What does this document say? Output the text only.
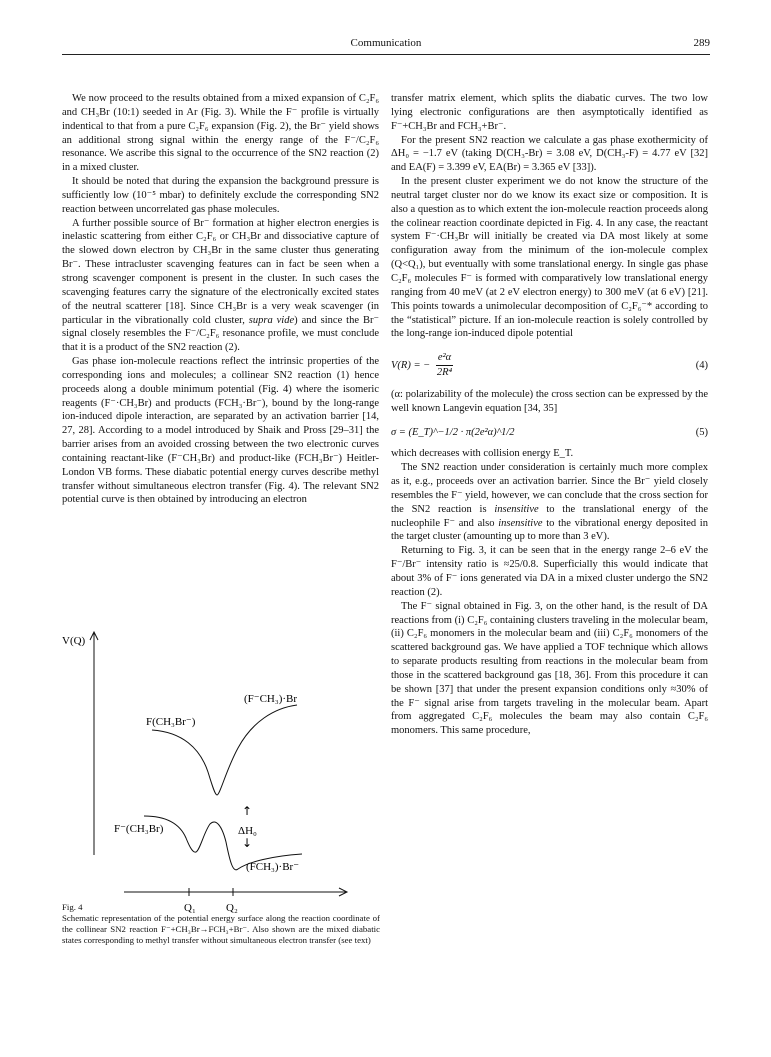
Communication	289

We now proceed to the results obtained from a mixed expansion of C₂F₆ and CH₃Br (10:1) seeded in Ar (Fig. 3). While the F⁻ profile is virtually indentical to that from a pure C₂F₆ expansion (Fig. 2), the Br⁻ yield shows an additional strong signal within the energy range of the F⁻/C₂F₆ resonance. We ascribe this signal to the occurrence of the SN2 reaction (2) in a mixed cluster.

It should be noted that during the expansion the background pressure is sufficiently low (10⁻⁵ mbar) to definitely exclude the corresponding SN2 reaction between uncorrelated gas phase molecules.

A further possible source of Br⁻ formation at higher electron energies is inelastic scattering from either C₂F₆ or CH₃Br and dissociative capture of the slowed down electron by CH₃Br in the same cluster thus generating Br⁻. These intracluster scavenging features can in fact be seen when a strong scavenger component is present in the cluster. In such cases the scavenging features carry the signature of the electronically excited states of the neutral scatterer [18]. Since CH₃Br is a very weak scavenger (in particular in the vibrationally cold cluster, supra vide) and since the Br⁻ signal closely resembles the F⁻/C₂F₆ resonance profile, we must conclude that it is a product of the SN2 reaction (2).

Gas phase ion-molecule reactions reflect the intrinsic properties of the corresponding ions and molecules; a collinear SN2 reaction (1) hence proceeds along a double minimum potential (Fig. 4) where the isomeric reagents (F⁻·CH₃Br) and products (FCH₃·Br⁻), bound by the long-range ion-induced dipole interaction, are separated by an activation barrier [14, 27, 28]. According to a model introduced by Shaik and Pross [29–31] the barrier arises from an avoided crossing between the two electronic curves containing reactant-like (F⁻CH₃Br) and product-like (FCH₃Br⁻) Heitler-London VB forms. These diabatic potential energy curves describe methyl transfer without simultaneous electron transfer (Fig. 4). The relevant SN2 potential curve is then obtained by introducing an electron

V(Q)
Q₁	Q₂
F(CH₃Br⁻)
(F⁻CH₃)·Br
F⁻(CH₃Br)
(FCH₃)·Br⁻
↑
ΔH₀
↓
Fig. 4
Schematic representation of the potential energy surface along the reaction coordinate of the collinear SN2 reaction F⁻+CH₃Br→FCH₃+Br⁻. Also shown are the mixed diabatic states corresponding to methyl transfer without simultaneous electron transfer (see text)

transfer matrix element, which splits the diabatic curves. The two low lying electronic configurations are then asymptotically identified as F⁻+CH₃Br and FCH₃+Br⁻.

For the present SN2 reaction we calculate a gas phase exothermicity of ΔH₀ = −1.7 eV (taking D(CH₃-Br) = 3.08 eV, D(CH₃-F) = 4.77 eV [32] and EA(F) = 3.399 eV, EA(Br) = 3.365 eV [33]).

In the present cluster experiment we do not know the structure of the neutral target cluster nor do we know its exact size or composition. It is also a question as to which extent the ion-molecule reaction proceeds along the colinear reaction coordinate depicted in Fig. 4. In any case, the reactant system F⁻·CH₃Br will initially be created via DA most likely at some configuration away from the minimum of the ion-molecule complex (Q<Q₁), but eventually with some translational energy. In single gas phase C₂F₆ molecules F⁻ is formed with comparatively low translational energy ranging from 40 meV (at 2 eV electron energy) to 300 meV (at 6 eV) [21]. This points towards a unimolecular decomposition of C₂F₆⁻* according to the “statistical” picture. If an ion-molecule reaction is solely controlled by the long-range ion-induced dipole potential

V(R) = − $\frac{\text{e²α}}{\text{2R⁴}}$	(4)

(α: polarizability of the molecule) the cross section can be expressed by the well known Langevin equation [34, 35]

σ = (E_T)^−1/2 · π(2e²α)^1/2	(5)

which decreases with collision energy E_T.

The SN2 reaction under consideration is certainly much more complex as it, e.g., proceeds over an activation barrier. Since the Br⁻ yield closely resembles the F⁻ yield, however, we can conclude that the cross section for the SN2 reaction is insensitive to the translational energy of the nucleophile F⁻ and also insensitive to the vibrational energy deposited in the target cluster (amounting up to more than 3 eV).

Returning to Fig. 3, it can be seen that in the energy range 2–6 eV the F⁻/Br⁻ intensity ratio is ≈25/0.8. Superficially this would indicate that about 3% of F⁻ ions generated via DA in a mixed cluster undergo the SN2 reaction (2).

The F⁻ signal obtained in Fig. 3, on the other hand, is the result of DA reactions from (i) C₂F₆ containing clusters traveling in the molecular beam, (ii) C₂F₆ monomers in the molecular beam and (iii) C₂F₆ monomers of the scattered background gas. We have applied a TOF technique which allows to separate products resulting from reactions in the molecular beam from those in the scattered background gas [18, 36]. From this procedure it can be shown [37] that under the present expansion conditions only ≈30% of the F⁻ signal arise from targets traveling in the molecular beam. Apart from aggregated C₂F₆ molecules the beam may also contain C₂F₆ monomers. This same procedure,
